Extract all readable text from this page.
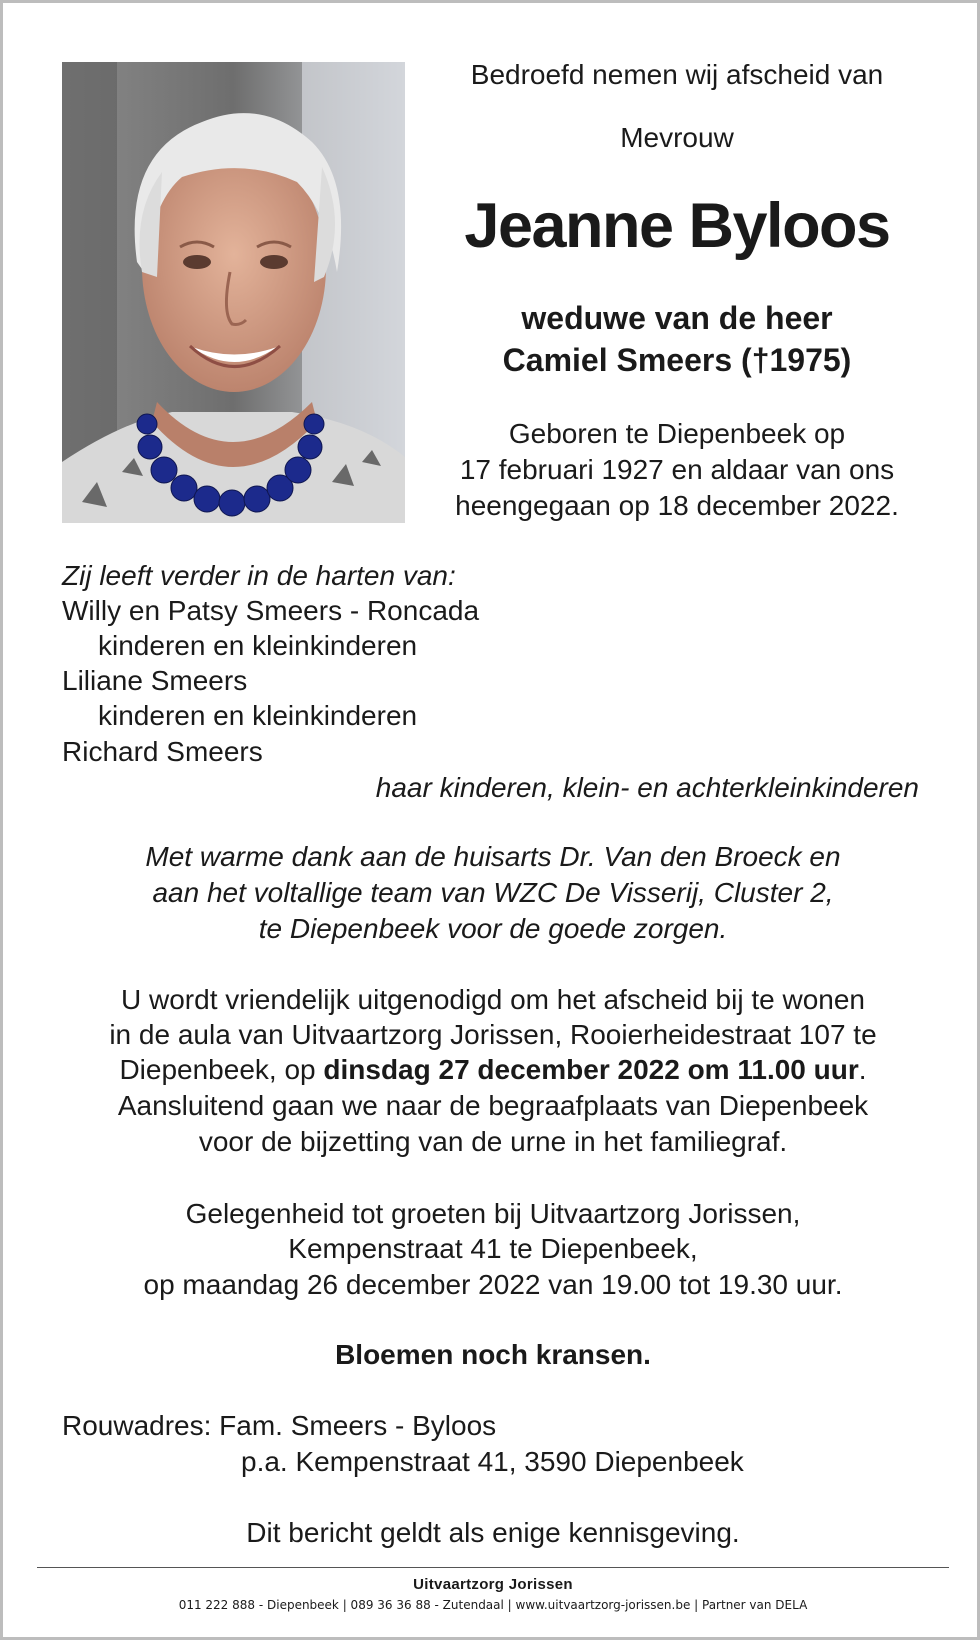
Bedroefd nemen wij afscheid van
Mevrouw
Jeanne Byloos
weduwe van de heer
Camiel Smeers (†1975)
Geboren te Diepenbeek op
17 februari 1927 en aldaar van ons
heengegaan op 18 december 2022.
Zij leeft verder in de harten van:
Willy en Patsy Smeers - Roncada
kinderen en kleinkinderen
Liliane Smeers
kinderen en kleinkinderen
Richard Smeers
haar kinderen, klein- en achterkleinkinderen
Met warme dank aan de huisarts Dr. Van den Broeck en
aan het voltallige team van WZC De Visserij, Cluster 2,
te Diepenbeek voor de goede zorgen.
U wordt vriendelijk uitgenodigd om het afscheid bij te wonen
in de aula van Uitvaartzorg Jorissen, Rooierheidestraat 107 te
Diepenbeek, op dinsdag 27 december 2022 om 11.00 uur.
Aansluitend gaan we naar de begraafplaats van Diepenbeek
voor de bijzetting van de urne in het familiegraf.
Gelegenheid tot groeten bij Uitvaartzorg Jorissen,
Kempenstraat 41 te Diepenbeek,
op maandag 26 december 2022 van 19.00 tot 19.30 uur.
Bloemen noch kransen.
Rouwadres: Fam. Smeers - Byloos
p.a. Kempenstraat 41, 3590 Diepenbeek
Dit bericht geldt als enige kennisgeving.
Uitvaartzorg Jorissen
011 222 888 - Diepenbeek | 089 36 36 88 - Zutendaal | www.uitvaartzorg-jorissen.be | Partner van DELA
